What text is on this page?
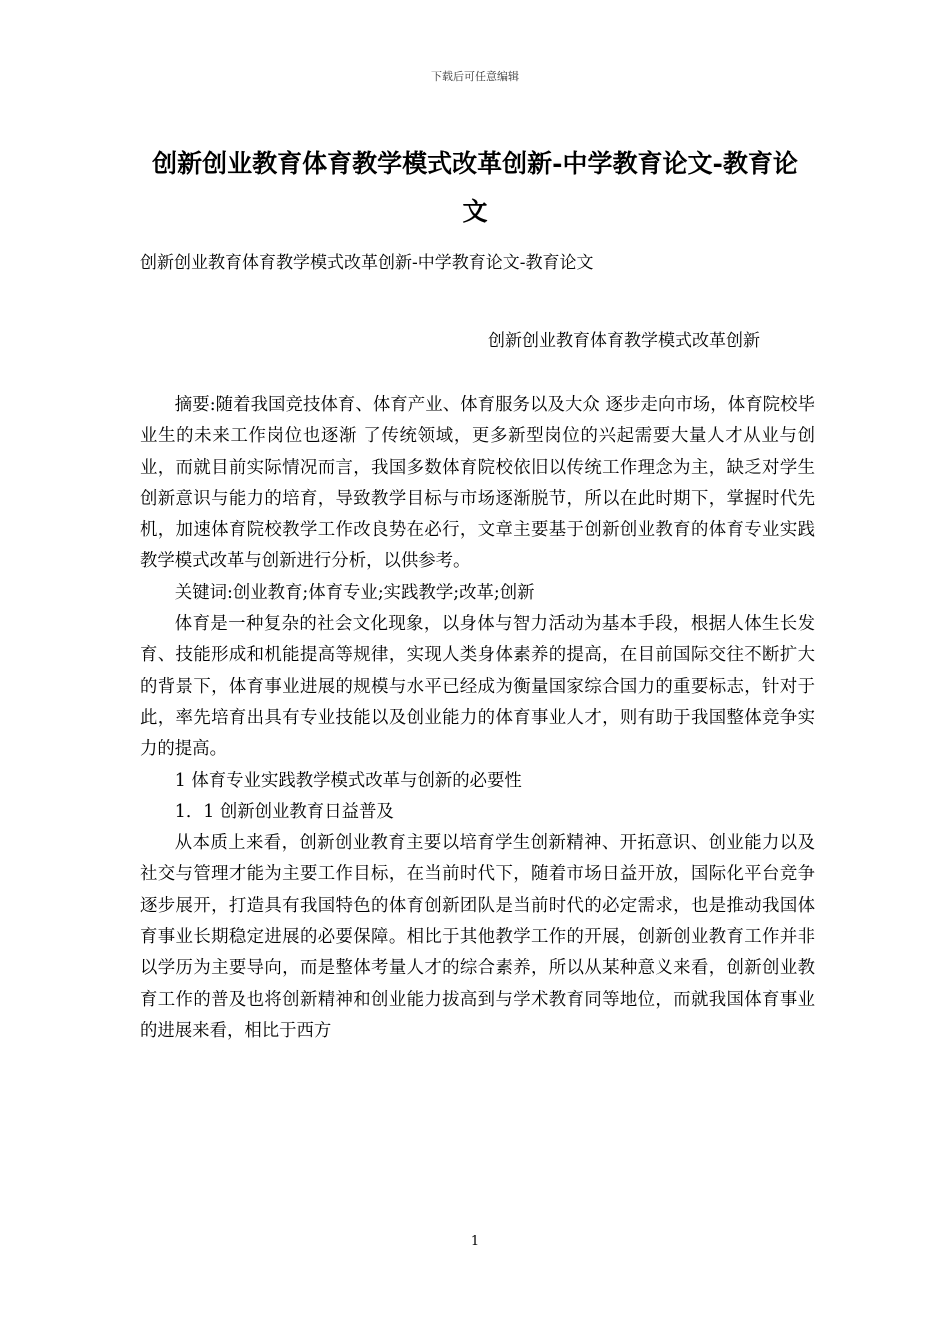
下载后可任意编辑
创新创业教育体育教学模式改革创新-中学教育论文-教育论文

创新创业教育体育教学模式改革创新-中学教育论文-教育论文

创新创业教育体育教学模式改革创新

摘要:随着我国竞技体育、体育产业、体育服务以及大众 逐步走向市场，体育院校毕业生的未来工作岗位也逐渐 了传统领域，更多新型岗位的兴起需要大量人才从业与创业，而就目前实际情况而言，我国多数体育院校依旧以传统工作理念为主，缺乏对学生创新意识与能力的培育，导致教学目标与市场逐渐脱节，所以在此时期下，掌握时代先机，加速体育院校教学工作改良势在必行，文章主要基于创新创业教育的体育专业实践教学模式改革与创新进行分析，以供参考。

关键词:创业教育;体育专业;实践教学;改革;创新

体育是一种复杂的社会文化现象，以身体与智力活动为基本手段，根据人体生长发育、技能形成和机能提高等规律，实现人类身体素养的提高，在目前国际交往不断扩大的背景下，体育事业进展的规模与水平已经成为衡量国家综合国力的重要标志，针对于此，率先培育出具有专业技能以及创业能力的体育事业人才，则有助于我国整体竞争实力的提高。

1 体育专业实践教学模式改革与创新的必要性

1．1 创新创业教育日益普及

从本质上来看，创新创业教育主要以培育学生创新精神、开拓意识、创业能力以及社交与管理才能为主要工作目标，在当前时代下，随着市场日益开放，国际化平台竞争逐步展开，打造具有我国特色的体育创新团队是当前时代的必定需求，也是推动我国体育事业长期稳定进展的必要保障。相比于其他教学工作的开展，创新创业教育工作并非以学历为主要导向，而是整体考量人才的综合素养，所以从某种意义来看，创新创业教育工作的普及也将创新精神和创业能力拔高到与学术教育同等地位，而就我国体育事业的进展来看，相比于西方

1
